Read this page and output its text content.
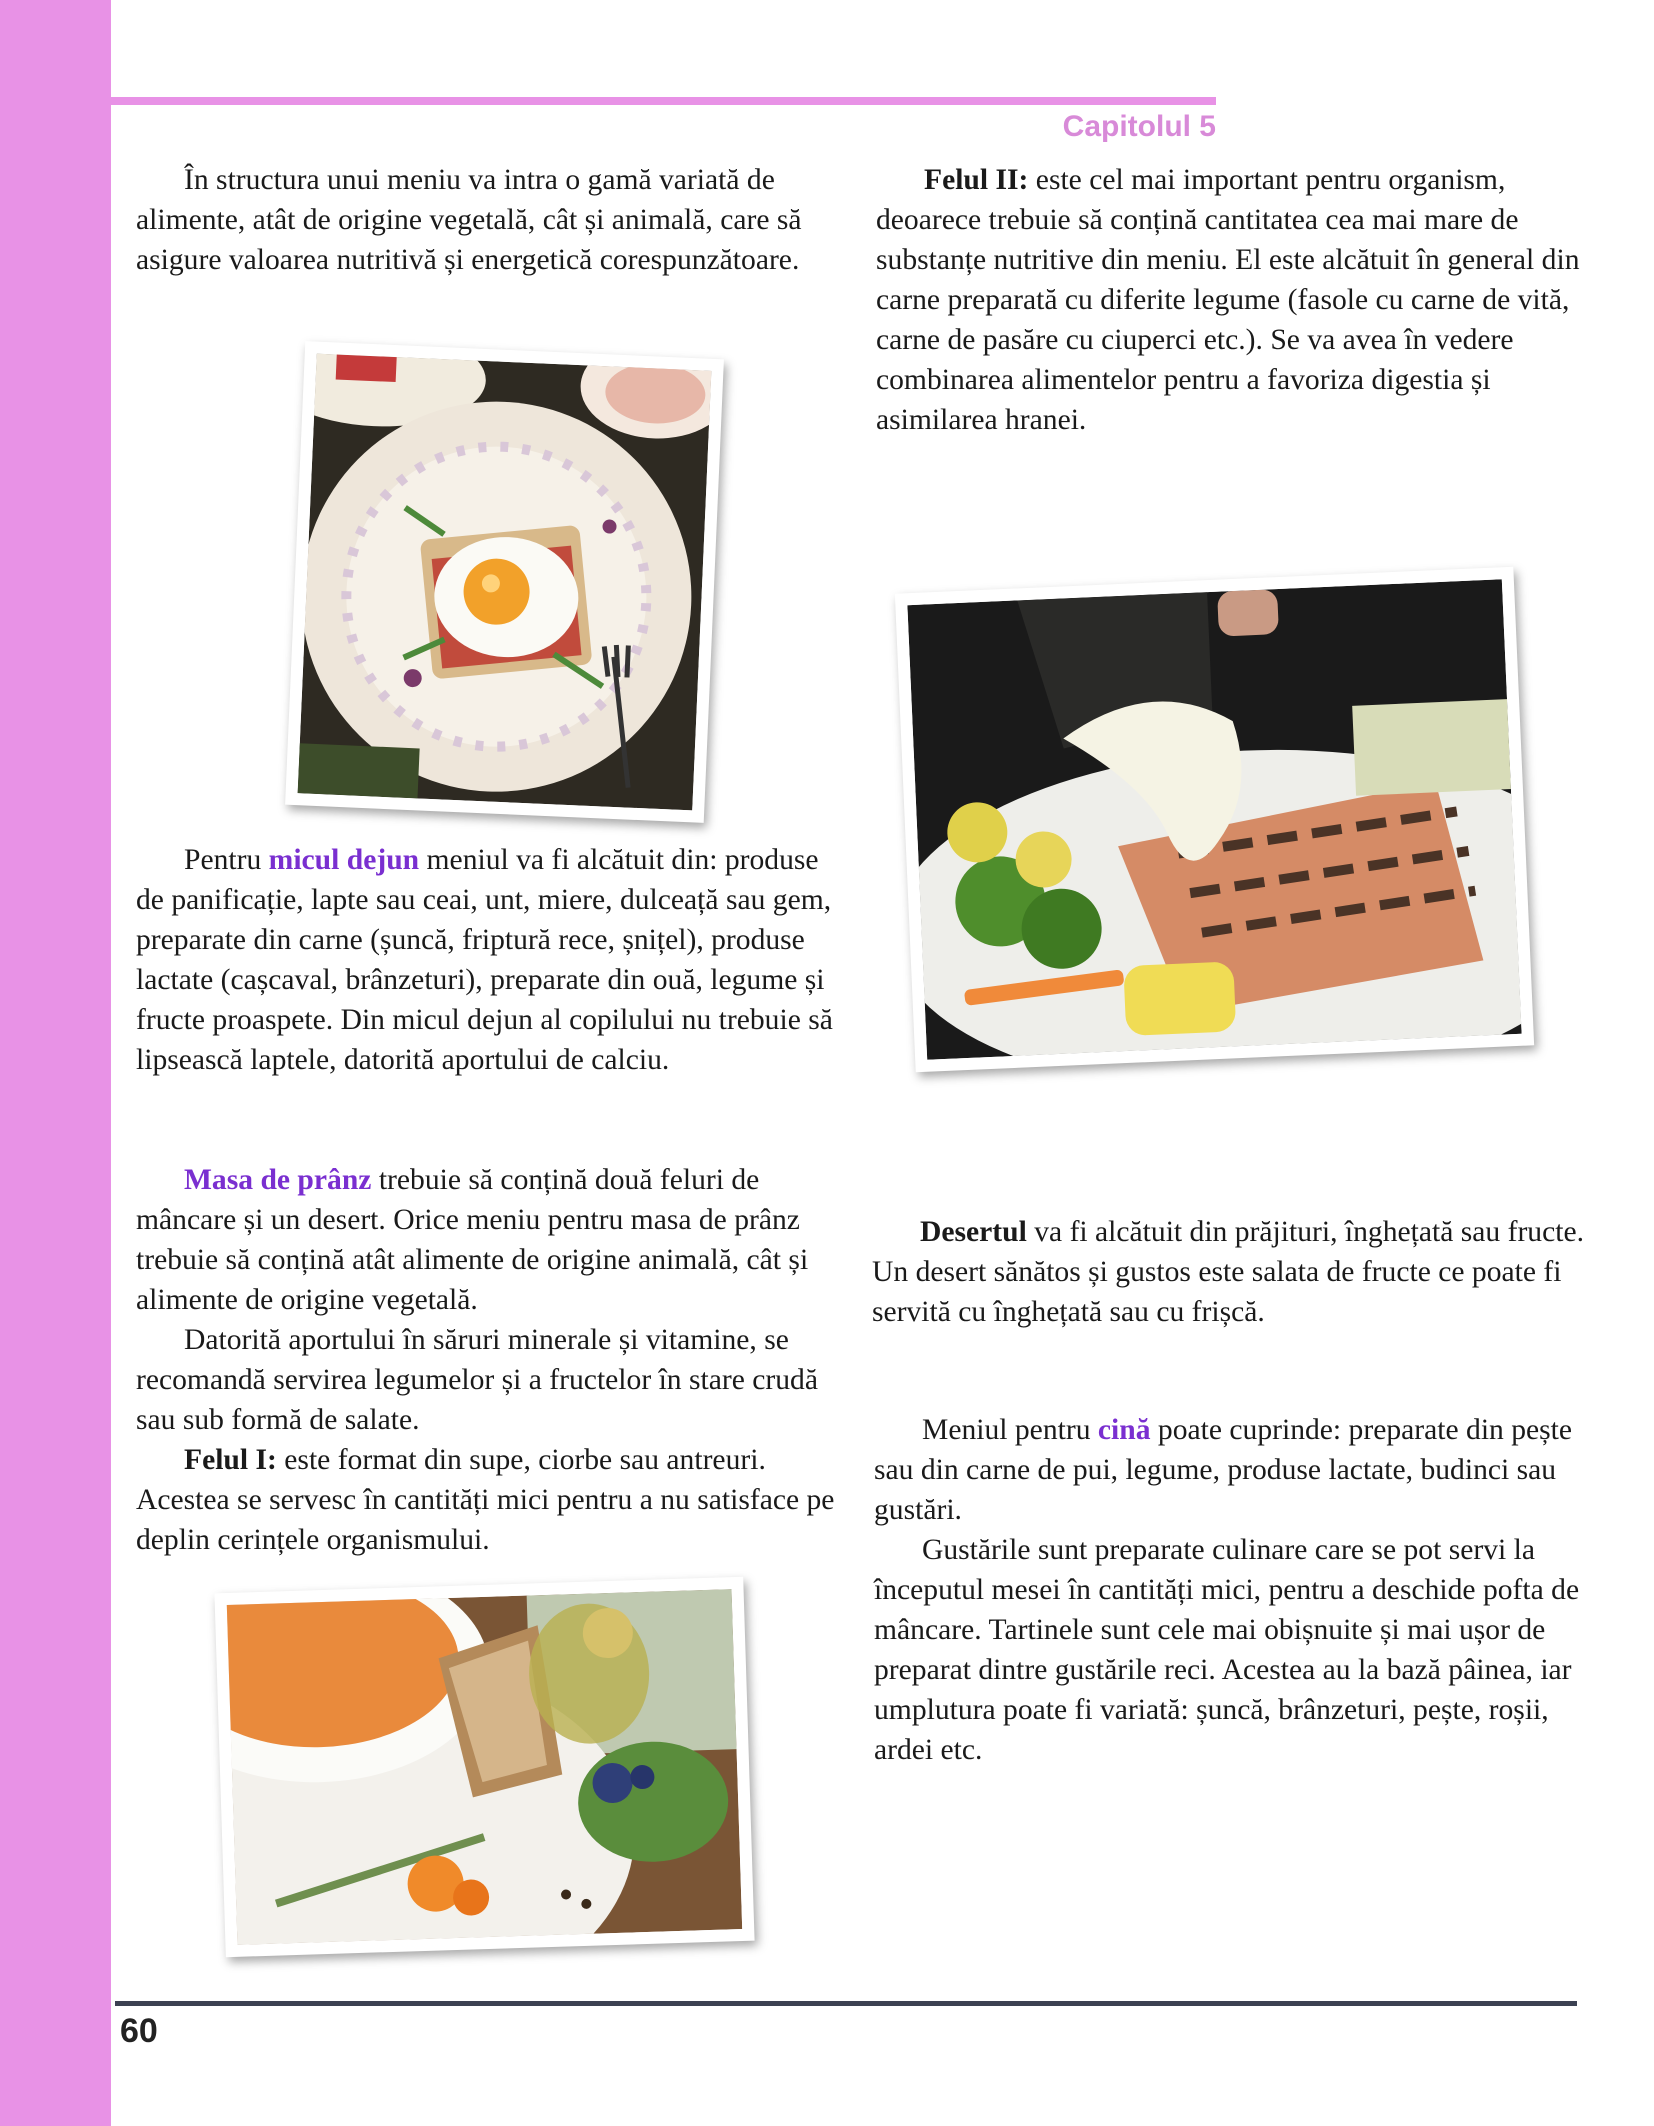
Capitolul 5

În structura unui meniu va intra o gamă variată de alimente, atât de origine vegetală, cât și animală, care să asigure valoarea nutritivă și energetică corespunzătoare.

Pentru micul dejun meniul va fi alcătuit din: produse de panificație, lapte sau ceai, unt, miere, dulceață sau gem, preparate din carne (șuncă, friptură rece, șnițel), produse lactate (cașcaval, brânzeturi), preparate din ouă, legume și fructe proaspete. Din micul dejun al copilului nu trebuie să lipsească laptele, datorită aportului de calciu.

Masa de prânz trebuie să conțină două feluri de mâncare și un desert. Orice meniu pentru masa de prânz trebuie să conțină atât alimente de origine animală, cât și alimente de origine vegetală.

Datorită aportului în săruri minerale și vitamine, se recomandă servirea legumelor și a fructelor în stare crudă sau sub formă de salate.

Felul I: este format din supe, ciorbe sau antreuri. Acestea se servesc în cantități mici pentru a nu satisface pe deplin cerințele organismului.

Felul II: este cel mai important pentru organism, deoarece trebuie să conțină cantitatea cea mai mare de substanțe nutritive din meniu. El este alcătuit în general din carne preparată cu diferite legume (fasole cu carne de vită, carne de pasăre cu ciuperci etc.). Se va avea în vedere combinarea alimentelor pentru a favoriza digestia și asimilarea hranei.

Desertul va fi alcătuit din prăjituri, înghețată sau fructe. Un desert sănătos și gustos este salata de fructe ce poate fi servită cu înghețată sau cu frișcă.

Meniul pentru cină poate cuprinde: preparate din pește sau din carne de pui, legume, produse lactate, budinci sau gustări.

Gustările sunt preparate culinare care se pot servi la începutul mesei în cantități mici, pentru a deschide pofta de mâncare. Tartinele sunt cele mai obișnuite și mai ușor de preparat dintre gustările reci. Acestea au la bază pâinea, iar umplutura poate fi variată: șuncă, brânzeturi, pește, roșii, ardei etc.

60
